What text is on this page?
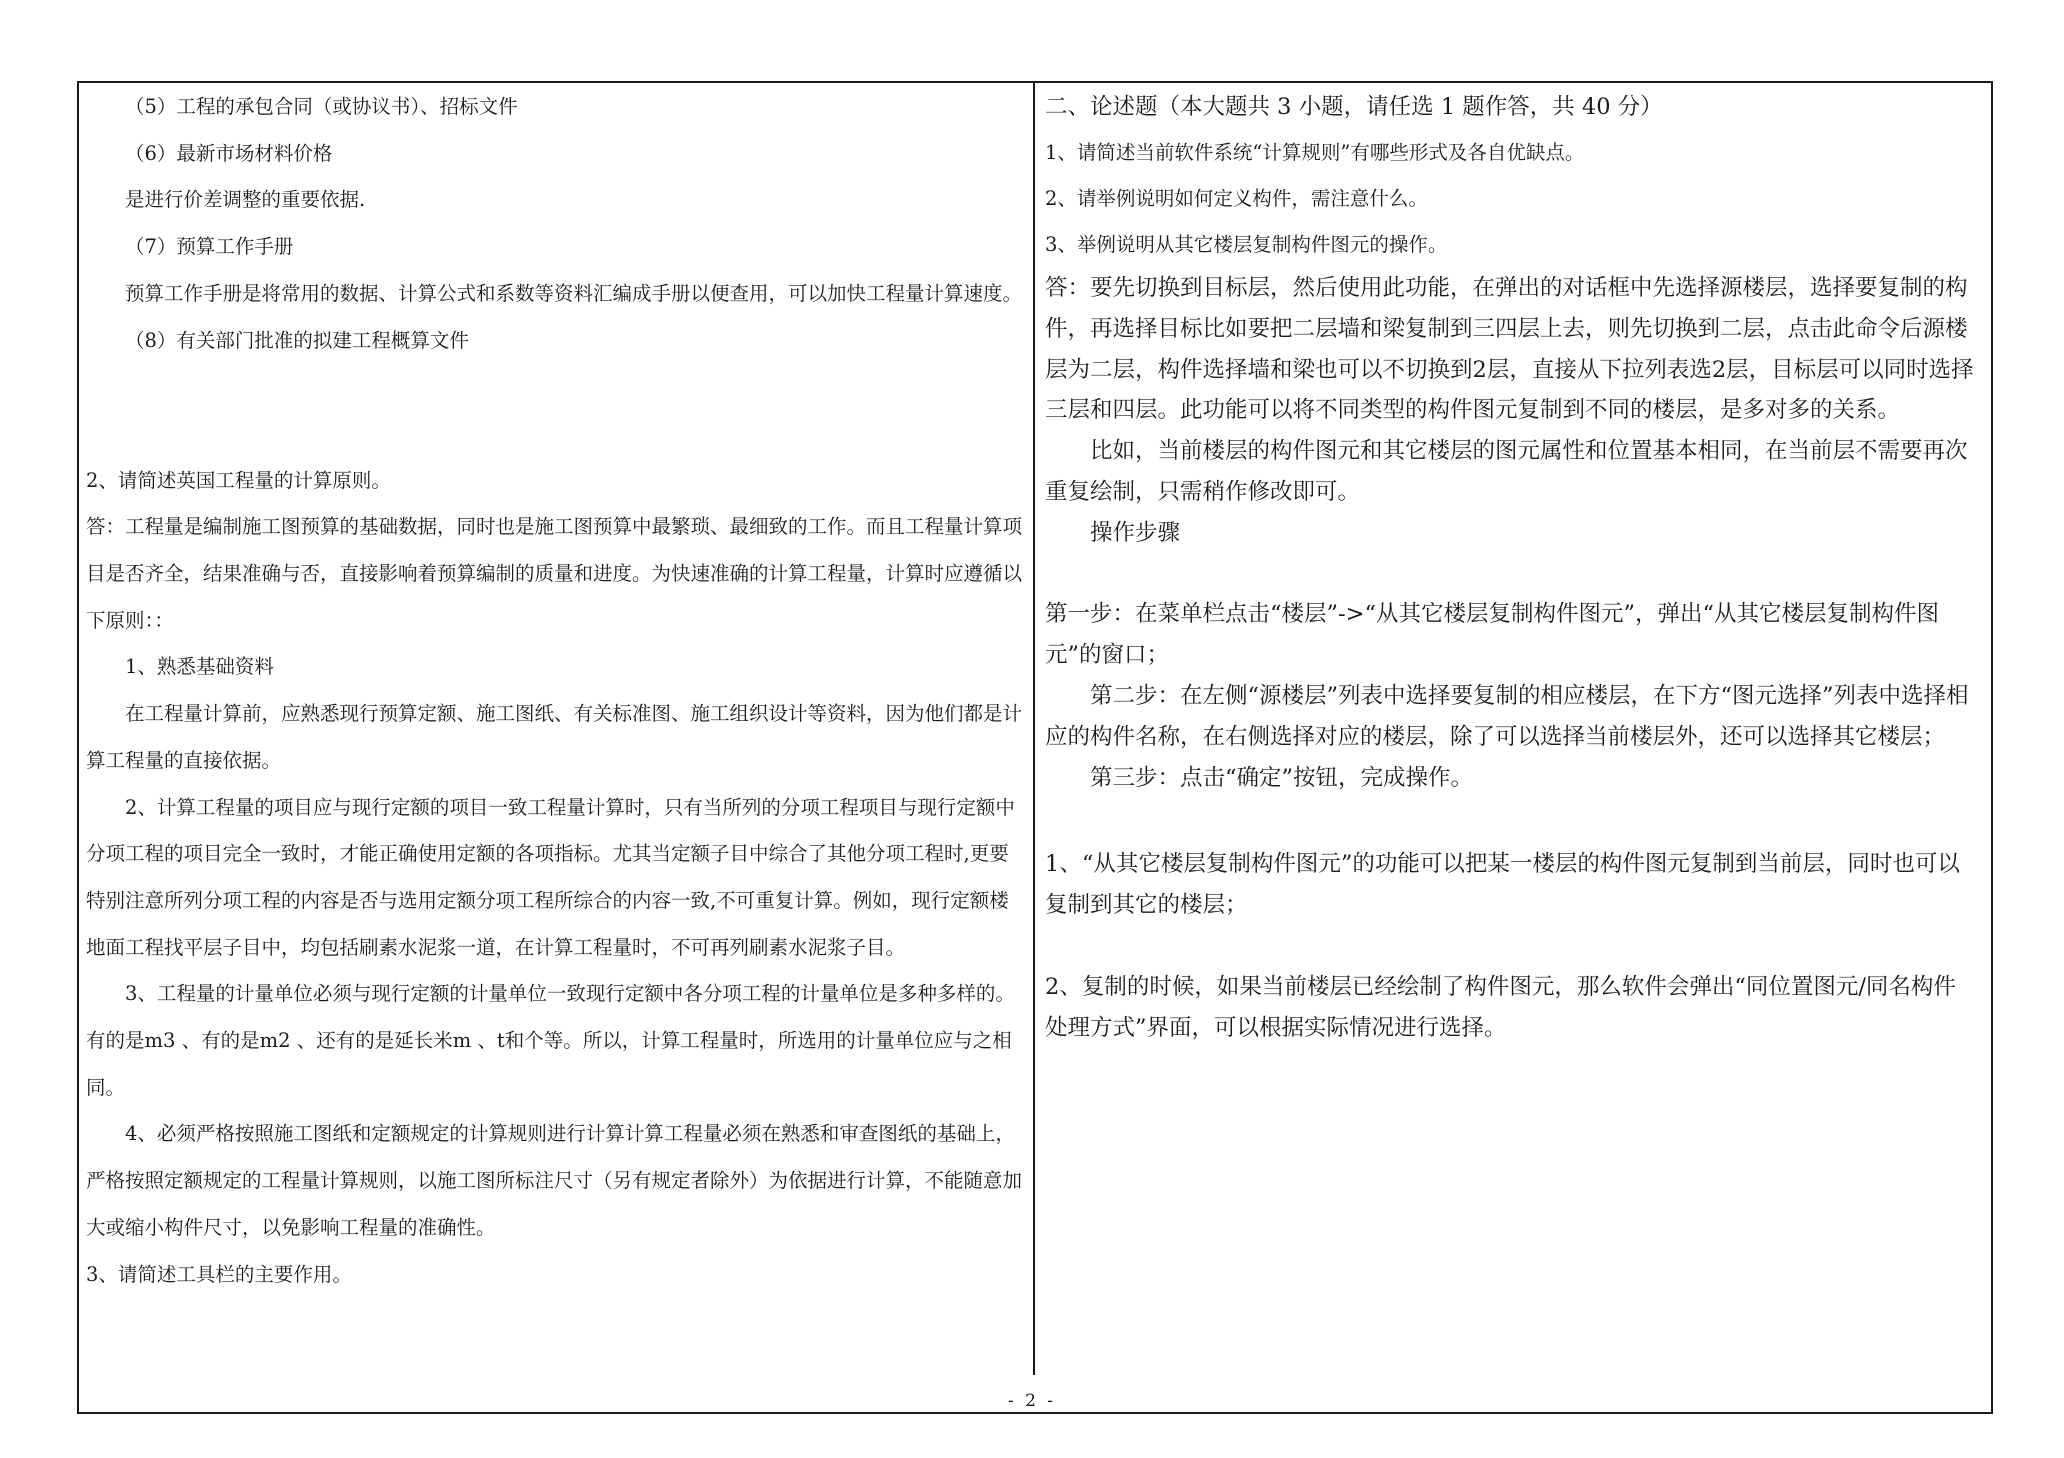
（5）工程的承包合同（或协议书）、招标文件

（6）最新市场材料价格

是进行价差调整的重要依据.

（7）预算工作手册

预算工作手册是将常用的数据、计算公式和系数等资料汇编成手册以便查用，可以加快工程量计算速度。

（8）有关部门批准的拟建工程概算文件

2、请简述英国工程量的计算原则。

答：工程量是编制施工图预算的基础数据，同时也是施工图预算中最繁琐、最细致的工作。而且工程量计算项目是否齐全，结果准确与否，直接影响着预算编制的质量和进度。为快速准确的计算工程量，计算时应遵循以下原则：：

1、熟悉基础资料

在工程量计算前，应熟悉现行预算定额、施工图纸、有关标准图、施工组织设计等资料，因为他们都是计算工程量的直接依据。

2、计算工程量的项目应与现行定额的项目一致工程量计算时，只有当所列的分项工程项目与现行定额中分项工程的项目完全一致时，才能正确使用定额的各项指标。尤其当定额子目中综合了其他分项工程时,更要特别注意所列分项工程的内容是否与选用定额分项工程所综合的内容一致,不可重复计算。例如，现行定额楼地面工程找平层子目中，均包括刷素水泥浆一道，在计算工程量时，不可再列刷素水泥浆子目。

3、工程量的计量单位必须与现行定额的计量单位一致现行定额中各分项工程的计量单位是多种多样的。有的是m3 、有的是m2 、还有的是延长米m 、t和个等。所以，计算工程量时，所选用的计量单位应与之相同。

4、必须严格按照施工图纸和定额规定的计算规则进行计算计算工程量必须在熟悉和审查图纸的基础上，严格按照定额规定的工程量计算规则，以施工图所标注尺寸（另有规定者除外）为依据进行计算，不能随意加大或缩小构件尺寸，以免影响工程量的准确性。

3、请简述工具栏的主要作用。

二、论述题（本大题共 3 小题，请任选 1 题作答，共 40 分）

1、请简述当前软件系统“计算规则”有哪些形式及各自优缺点。

2、请举例说明如何定义构件，需注意什么。

3、举例说明从其它楼层复制构件图元的操作。

答：要先切换到目标层，然后使用此功能，在弹出的对话框中先选择源楼层，选择要复制的构件，再选择目标比如要把二层墙和梁复制到三四层上去，则先切换到二层，点击此命令后源楼层为二层，构件选择墙和梁也可以不切换到2层，直接从下拉列表选2层，目标层可以同时选择三层和四层。此功能可以将不同类型的构件图元复制到不同的楼层，是多对多的关系。

比如，当前楼层的构件图元和其它楼层的图元属性和位置基本相同，在当前层不需要再次重复绘制，只需稍作修改即可。

操作步骤

第一步：在菜单栏点击“楼层”->“从其它楼层复制构件图元”，弹出“从其它楼层复制构件图元”的窗口；

第二步：在左侧“源楼层”列表中选择要复制的相应楼层，在下方“图元选择”列表中选择相应的构件名称，在右侧选择对应的楼层，除了可以选择当前楼层外，还可以选择其它楼层；

第三步：点击“确定”按钮，完成操作。

1、“从其它楼层复制构件图元”的功能可以把某一楼层的构件图元复制到当前层，同时也可以复制到其它的楼层；

2、复制的时候，如果当前楼层已经绘制了构件图元，那么软件会弹出“同位置图元/同名构件处理方式”界面，可以根据实际情况进行选择。

- 2 -
